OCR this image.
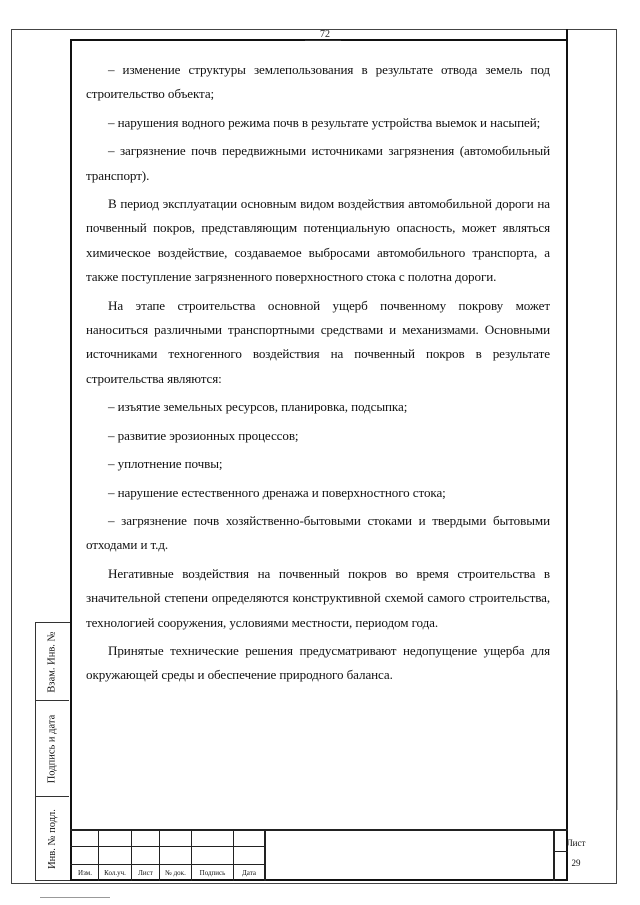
72

– изменение структуры землепользования в результате отвода земель под строительство объекта;

– нарушения водного режима почв в результате устройства выемок и насыпей;

– загрязнение почв передвижными источниками загрязнения (автомобильный транспорт).

В период эксплуатации основным видом воздействия автомобильной дороги на почвенный покров, представляющим потенциальную опасность, может являться химическое воздействие, создаваемое выбросами автомобильного транспорта, а также поступление загрязненного поверхностного стока с полотна дороги.

На этапе строительства основной ущерб почвенному покрову может наноситься различными транспортными средствами и механизмами. Основными источниками техногенного воздействия на почвенный покров в результате строительства являются:

– изъятие земельных ресурсов, планировка, подсыпка;

– развитие эрозионных процессов;

– уплотнение почвы;

– нарушение естественного дренажа и поверхностного стока;

– загрязнение почв хозяйственно-бытовыми стоками и твердыми бытовыми отходами и т.д.

Негативные воздействия на почвенный покров во время строительства в значительной степени определяются конструктивной схемой самого строительства, технологией сооружения, условиями местности, периодом года.

Принятые технические решения предусматривают недопущение ущерба для окружающей среды и обеспечение природного баланса.

Взам. Инв. №
Подпись и дата
Инв. № подл.
Изм.	Кол.уч.	Лист	№ док.	Подпись	Дата
Лист
29
